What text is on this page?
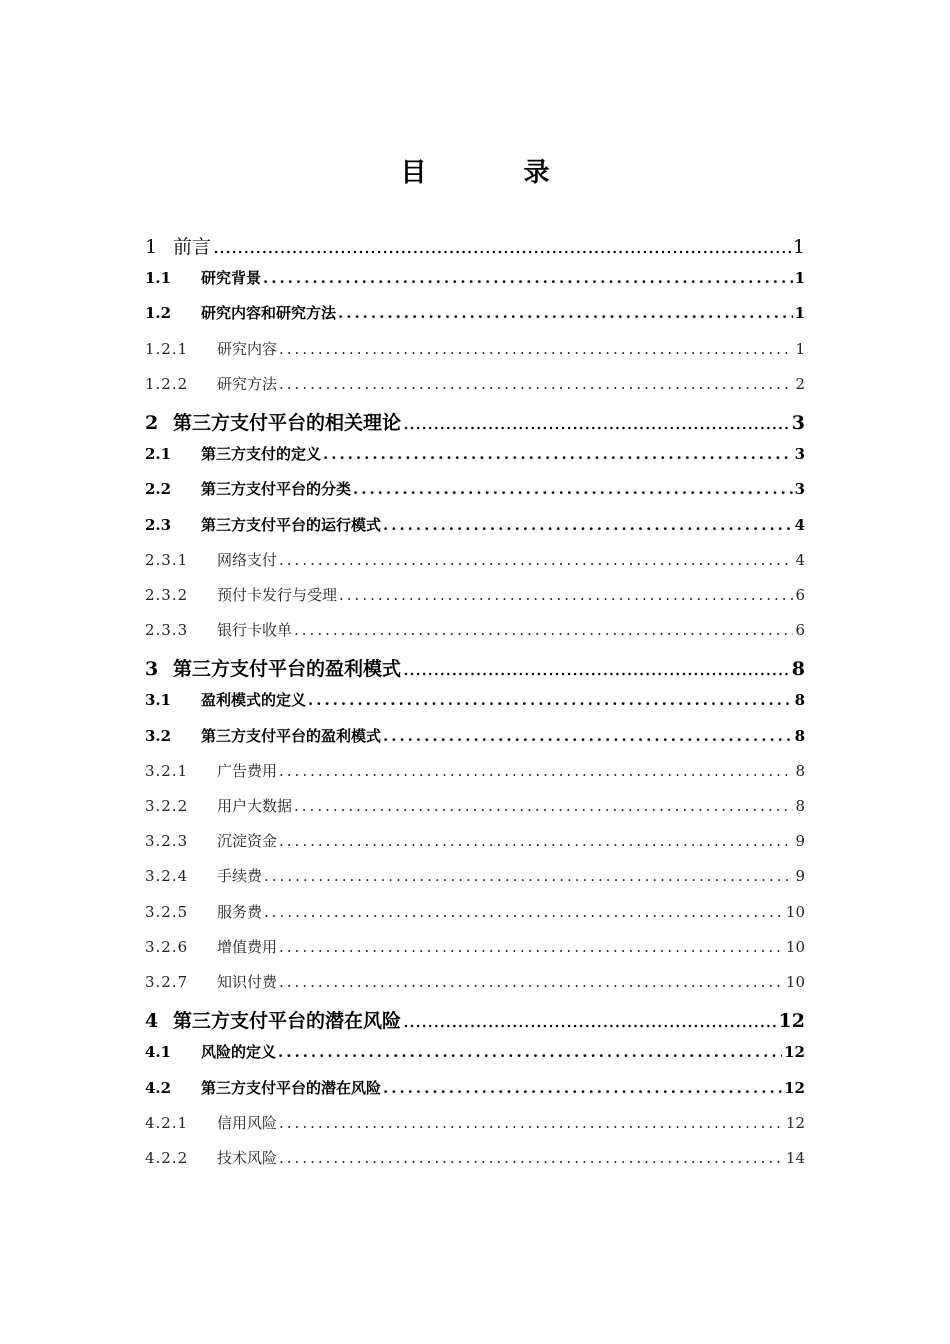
目 录
1 前言 .....	1
1.1	研究背景 .....	1
1.2	研究内容和研究方法 .....	1
1.2.1	研究内容 .....	1
1.2.2	研究方法 .....	2
2 第三方支付平台的相关理论 .....	3
2.1	第三方支付的定义 .....	3
2.2	第三方支付平台的分类 .....	3
2.3	第三方支付平台的运行模式 .....	4
2.3.1	网络支付 .....	4
2.3.2	预付卡发行与受理 .....	6
2.3.3	银行卡收单 .....	6
3 第三方支付平台的盈利模式 .....	8
3.1	盈利模式的定义 .....	8
3.2	第三方支付平台的盈利模式 .....	8
3.2.1	广告费用 .....	8
3.2.2	用户大数据 .....	8
3.2.3	沉淀资金 .....	9
3.2.4	手续费 .....	9
3.2.5	服务费 .....	10
3.2.6	增值费用 .....	10
3.2.7	知识付费 .....	10
4 第三方支付平台的潜在风险 .....	12
4.1	风险的定义 .....	12
4.2	第三方支付平台的潜在风险 .....	12
4.2.1	信用风险 .....	12
4.2.2	技术风险 .....	14
